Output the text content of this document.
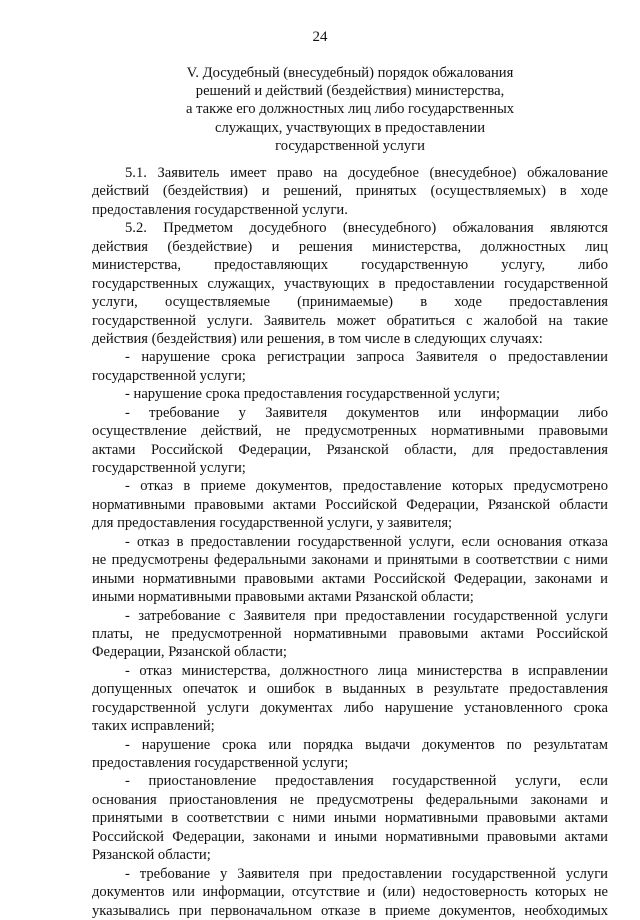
24
V. Досудебный (внесудебный) порядок обжалования
решений и действий (бездействия) министерства,
а также его должностных лиц либо государственных
служащих, участвующих в предоставлении
государственной услуги
5.1. Заявитель имеет право на досудебное (внесудебное) обжалование
действий (бездействия) и решений, принятых (осуществляемых) в ходе
предоставления государственной услуги.
5.2. Предметом досудебного (внесудебного) обжалования являются
действия (бездействие) и решения министерства, должностных лиц
министерства, предоставляющих государственную услугу, либо
государственных служащих, участвующих в предоставлении государственной
услуги, осуществляемые (принимаемые) в ходе предоставления
государственной услуги. Заявитель может обратиться с жалобой на такие
действия (бездействия) или решения, в том числе в следующих случаях:
- нарушение срока регистрации запроса Заявителя о предоставлении
государственной услуги;
- нарушение срока предоставления государственной услуги;
- требование у Заявителя документов или информации либо
осуществление действий, не предусмотренных нормативными правовыми
актами Российской Федерации, Рязанской области, для предоставления
государственной услуги;
- отказ в приеме документов, предоставление которых предусмотрено
нормативными правовыми актами Российской Федерации, Рязанской области
для предоставления государственной услуги, у заявителя;
- отказ в предоставлении государственной услуги, если основания отказа
не предусмотрены федеральными законами и принятыми в соответствии с ними
иными нормативными правовыми актами Российской Федерации, законами и
иными нормативными правовыми актами Рязанской области;
- затребование с Заявителя при предоставлении государственной услуги
платы, не предусмотренной нормативными правовыми актами Российской
Федерации, Рязанской области;
- отказ министерства, должностного лица министерства в исправлении
допущенных опечаток и ошибок в выданных в результате предоставления
государственной услуги документах либо нарушение установленного срока
таких исправлений;
- нарушение срока или порядка выдачи документов по результатам
предоставления государственной услуги;
- приостановление предоставления государственной услуги, если
основания приостановления не предусмотрены федеральными законами и
принятыми в соответствии с ними иными нормативными правовыми актами
Российской Федерации, законами и иными нормативными правовыми актами
Рязанской области;
- требование у Заявителя при предоставлении государственной услуги
документов или информации, отсутствие и (или) недостоверность которых не
указывались при первоначальном отказе в приеме документов, необходимых
